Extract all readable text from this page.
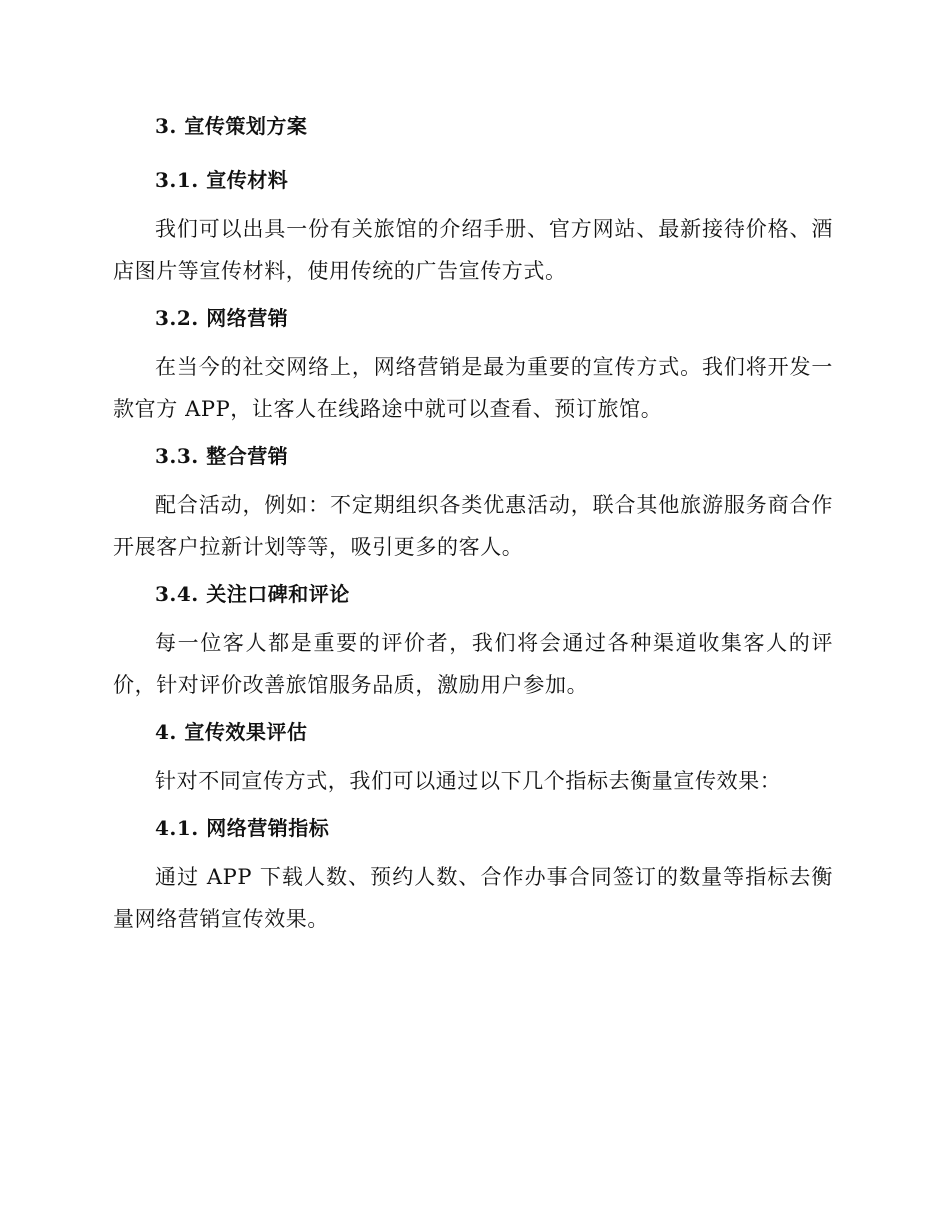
3. 宣传策划方案
3.1. 宣传材料

我们可以出具一份有关旅馆的介绍手册、官方网站、最新接待价格、酒店图片等宣传材料，使用传统的广告宣传方式。

3.2. 网络营销

在当今的社交网络上，网络营销是最为重要的宣传方式。我们将开发一款官方 APP，让客人在线路途中就可以查看、预订旅馆。

3.3. 整合营销

配合活动，例如：不定期组织各类优惠活动，联合其他旅游服务商合作开展客户拉新计划等等，吸引更多的客人。

3.4. 关注口碑和评论

每一位客人都是重要的评价者，我们将会通过各种渠道收集客人的评价，针对评价改善旅馆服务品质，激励用户参加。

4. 宣传效果评估

针对不同宣传方式，我们可以通过以下几个指标去衡量宣传效果：

4.1. 网络营销指标

通过 APP 下载人数、预约人数、合作办事合同签订的数量等指标去衡量网络营销宣传效果。
